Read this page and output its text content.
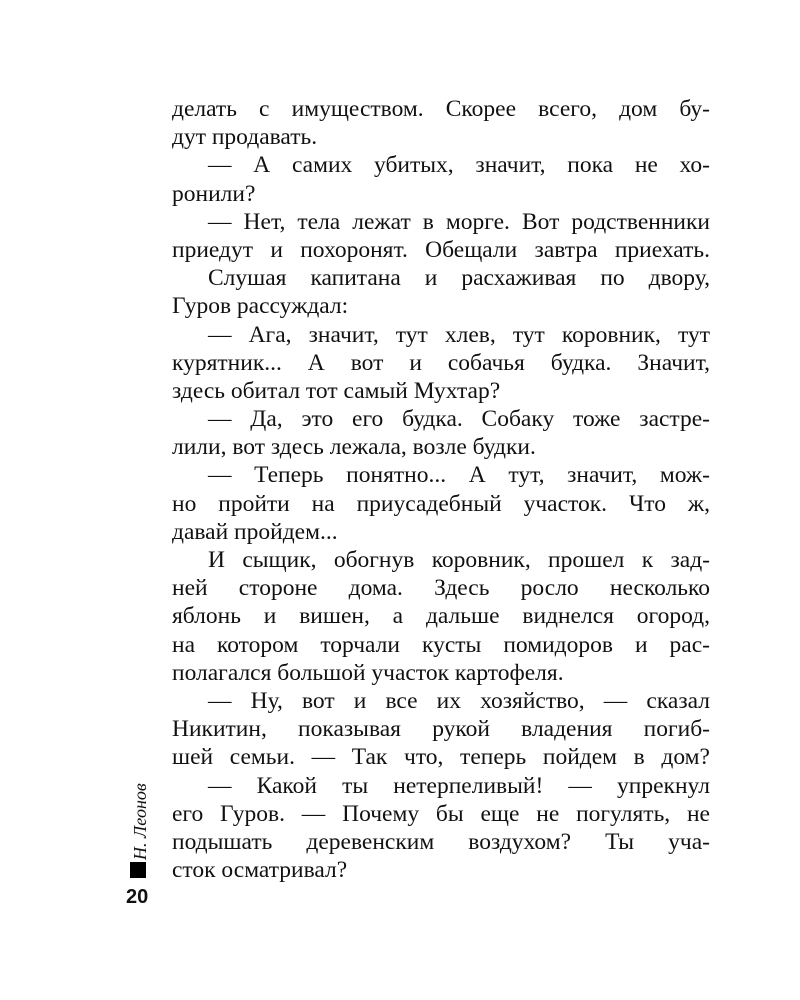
делать с имуществом. Скорее всего, дом бу-
дут продавать.
— А самих убитых, значит, пока не хо-
ронили?
— Нет, тела лежат в морге. Вот родственники
приедут и похоронят. Обещали завтра приехать.
Слушая капитана и расхаживая по двору,
Гуров рассуждал:
— Ага, значит, тут хлев, тут коровник, тут
курятник... А вот и собачья будка. Значит,
здесь обитал тот самый Мухтар?
— Да, это его будка. Собаку тоже застре-
лили, вот здесь лежала, возле будки.
— Теперь понятно... А тут, значит, мож-
но пройти на приусадебный участок. Что ж,
давай пройдем...
И сыщик, обогнув коровник, прошел к зад-
ней стороне дома. Здесь росло несколько
яблонь и вишен, а дальше виднелся огород,
на котором торчали кусты помидоров и рас-
полагался большой участок картофеля.
— Ну, вот и все их хозяйство, — сказал
Никитин, показывая рукой владения погиб-
шей семьи. — Так что, теперь пойдем в дом?
— Какой ты нетерпеливый! — упрекнул
его Гуров. — Почему бы еще не погулять, не
подышать деревенским воздухом? Ты уча-
сток осматривал?
Н. Леонов
20
